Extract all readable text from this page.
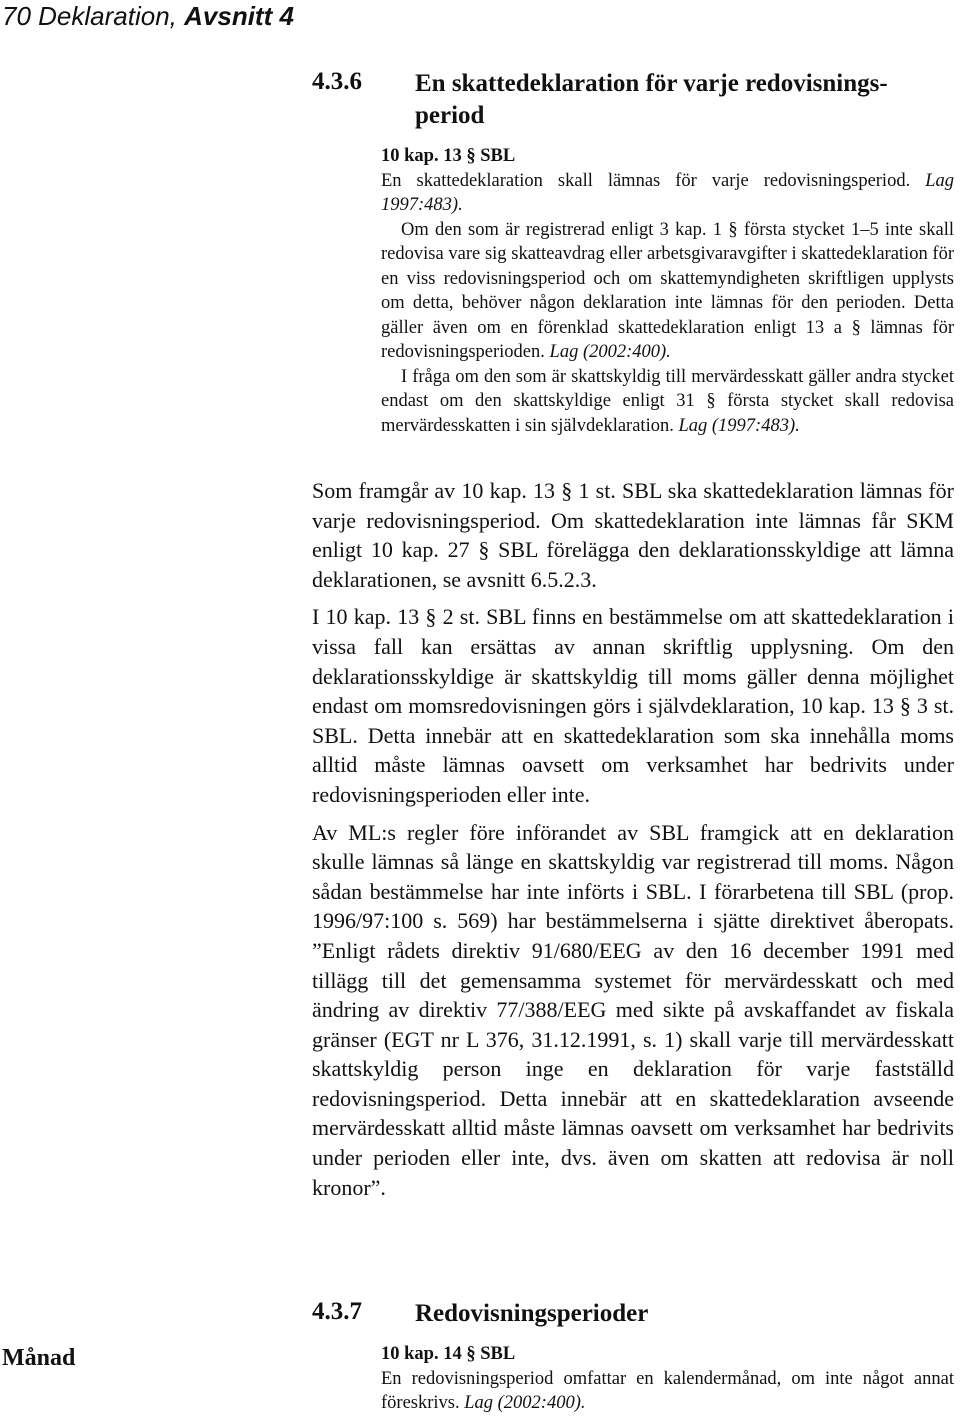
70 Deklaration, Avsnitt 4
4.3.6 En skattedeklaration för varje redovisnings-period
10 kap. 13 § SBL

En skattedeklaration skall lämnas för varje redovisningsperiod. Lag 1997:483).

Om den som är registrerad enligt 3 kap. 1 § första stycket 1–5 inte skall redovisa vare sig skatteavdrag eller arbetsgivaravgifter i skattedeklaration för en viss redovisningsperiod och om skattemyndigheten skriftligen upplysts om detta, behöver någon deklaration inte lämnas för den perioden. Detta gäller även om en förenklad skattedeklaration enligt 13 a § lämnas för redovisningsperioden. Lag (2002:400).

I fråga om den som är skattskyldig till mervärdesskatt gäller andra stycket endast om den skattskyldige enligt 31 § första stycket skall redovisa mervärdesskatten i sin självdeklaration. Lag (1997:483).

Som framgår av 10 kap. 13 § 1 st. SBL ska skattedeklaration lämnas för varje redovisningsperiod. Om skattedeklaration inte lämnas får SKM enligt 10 kap. 27 § SBL förelägga den deklarationsskyldige att lämna deklarationen, se avsnitt 6.5.2.3.

I 10 kap. 13 § 2 st. SBL finns en bestämmelse om att skattedeklaration i vissa fall kan ersättas av annan skriftlig upplysning. Om den deklarationsskyldige är skattskyldig till moms gäller denna möjlighet endast om momsredovisningen görs i självdeklaration, 10 kap. 13 § 3 st. SBL. Detta innebär att en skattedeklaration som ska innehålla moms alltid måste lämnas oavsett om verksamhet har bedrivits under redovisningsperioden eller inte.

Av ML:s regler före införandet av SBL framgick att en deklaration skulle lämnas så länge en skattskyldig var registrerad till moms. Någon sådan bestämmelse har inte införts i SBL. I förarbetena till SBL (prop. 1996/97:100 s. 569) har bestämmelserna i sjätte direktivet åberopats. ”Enligt rådets direktiv 91/680/EEG av den 16 december 1991 med tillägg till det gemensamma systemet för mervärdesskatt och med ändring av direktiv 77/388/EEG med sikte på avskaffandet av fiskala gränser (EGT nr L 376, 31.12.1991, s. 1) skall varje till mervärdesskatt skattskyldig person inge en deklaration för varje fastställd redovisningsperiod. Detta innebär att en skattedeklaration avseende mervärdesskatt alltid måste lämnas oavsett om verksamhet har bedrivits under perioden eller inte, dvs. även om skatten att redovisa är noll kronor”.

4.3.7 Redovisningsperioder
Månad	10 kap. 14 § SBL

En redovisningsperiod omfattar en kalendermånad, om inte något annat föreskrivs. Lag (2002:400).
